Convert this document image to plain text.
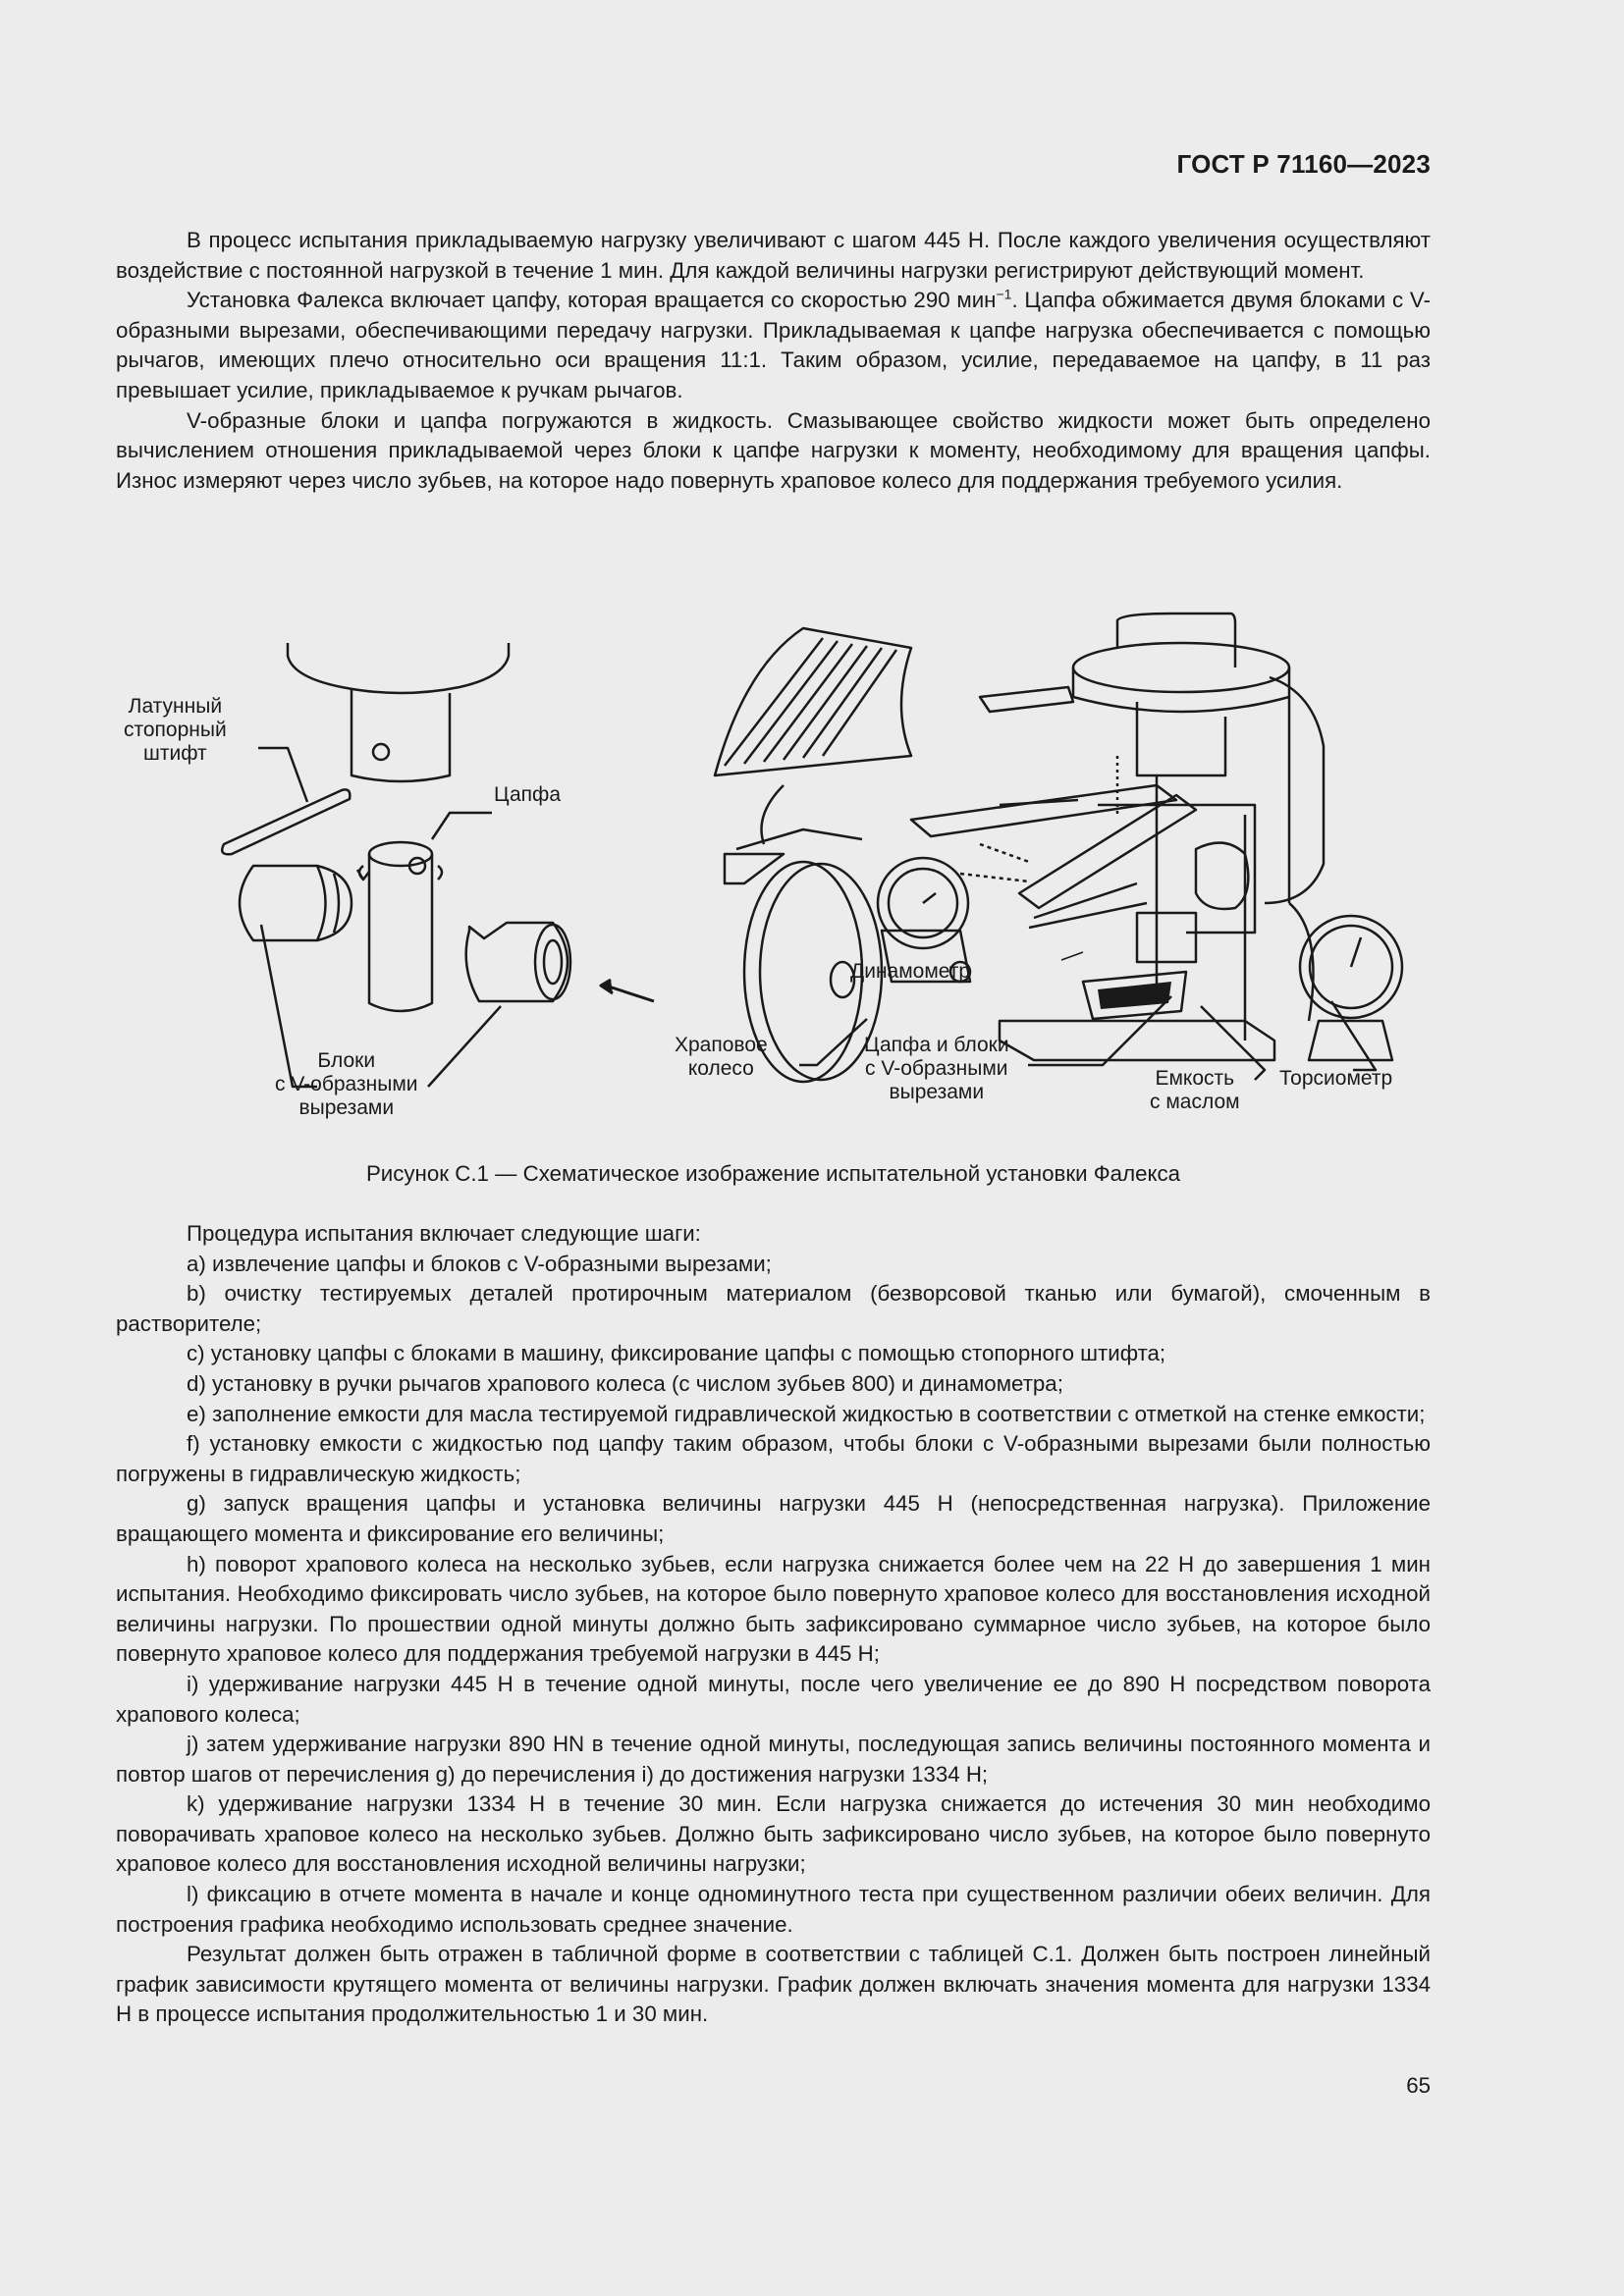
ГОСТ Р 71160—2023

В процесс испытания прикладываемую нагрузку увеличивают с шагом 445 Н. После каждого увеличения осуществляют воздействие с постоянной нагрузкой в течение 1 мин. Для каждой величины нагрузки регистрируют действующий момент.

Установка Фалекса включает цапфу, которая вращается со скоростью 290 мин$^{-1}$. Цапфа обжимается двумя блоками с V-образными вырезами, обеспечивающими передачу нагрузки. Прикладываемая к цапфе нагрузка обеспечивается с помощью рычагов, имеющих плечо относительно оси вращения 11:1. Таким образом, усилие, передаваемое на цапфу, в 11 раз превышает усилие, прикладываемое к ручкам рычагов.

V-образные блоки и цапфа погружаются в жидкость. Смазывающее свойство жидкости может быть определено вычислением отношения прикладываемой через блоки к цапфе нагрузки к моменту, необходимому для вращения цапфы. Износ измеряют через число зубьев, на которое надо повернуть храповое колесо для поддержания требуемого усилия.

Латунный
стопорный
штифт
Цапфа
Блоки
с V-образными
вырезами
Динамометр
Храповое
колесо
Цапфа и блоки
с V-образными
вырезами
Емкость
с маслом
Торсиометр
Рисунок С.1 — Схематическое изображение испытательной установки Фалекса

Процедура испытания включает следующие шаги:

а) извлечение цапфы и блоков с V-образными вырезами;

b) очистку тестируемых деталей протирочным материалом (безворсовой тканью или бумагой), смоченным в растворителе;

с) установку цапфы с блоками в машину, фиксирование цапфы с помощью стопорного штифта;

d) установку в ручки рычагов храпового колеса (с числом зубьев 800) и динамометра;

е) заполнение емкости для масла тестируемой гидравлической жидкостью в соответствии с отметкой на стенке емкости;

f) установку емкости с жидкостью под цапфу таким образом, чтобы блоки с V-образными вырезами были полностью погружены в гидравлическую жидкость;

g) запуск вращения цапфы и установка величины нагрузки 445 Н (непосредственная нагрузка). Приложение вращающего момента и фиксирование его величины;

h) поворот храпового колеса на несколько зубьев, если нагрузка снижается более чем на 22 Н до завершения 1 мин испытания. Необходимо фиксировать число зубьев, на которое было повернуто храповое колесо для восстановления исходной величины нагрузки. По прошествии одной минуты должно быть зафиксировано суммарное число зубьев, на которое было повернуто храповое колесо для поддержания требуемой нагрузки в 445 Н;

i) удерживание нагрузки 445 Н в течение одной минуты, после чего увеличение ее до 890 Н посредством поворота храпового колеса;

j) затем удерживание нагрузки 890 HN в течение одной минуты, последующая запись величины постоянного момента и повтор шагов от перечисления g) до перечисления i) до достижения нагрузки 1334 Н;

k) удерживание нагрузки 1334 Н в течение 30 мин. Если нагрузка снижается до истечения 30 мин необходимо поворачивать храповое колесо на несколько зубьев. Должно быть зафиксировано число зубьев, на которое было повернуто храповое колесо для восстановления исходной величины нагрузки;

l) фиксацию в отчете момента в начале и конце одноминутного теста при существенном различии обеих величин. Для построения графика необходимо использовать среднее значение.

Результат должен быть отражен в табличной форме в соответствии с таблицей С.1. Должен быть построен линейный график зависимости крутящего момента от величины нагрузки. График должен включать значения момента для нагрузки 1334 Н в процессе испытания продолжительностью 1 и 30 мин.

65
